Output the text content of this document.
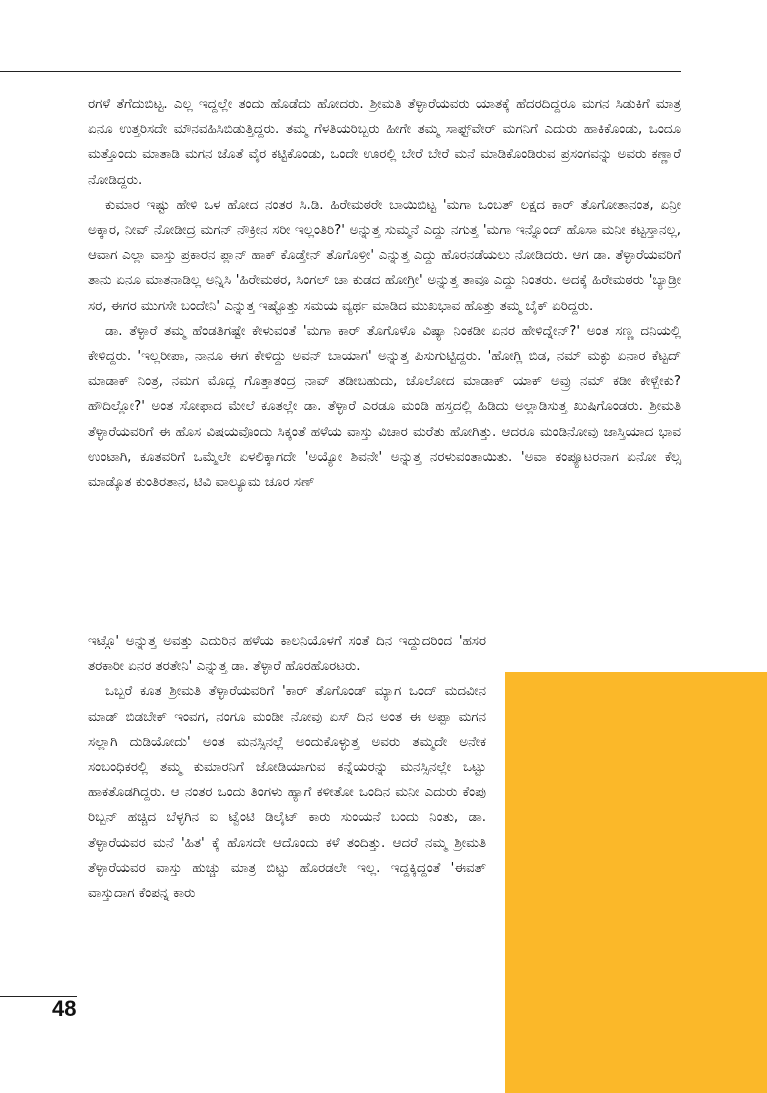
ರಗಳೆ ತೆಗೆದುಬಿಟ್ಟ. ಎಲ್ಲ ಇದ್ದಲ್ಲೇ ತಂದು ಹೊಡೆದು ಹೋದರು. ಶ್ರೀಮತಿ ತೆಳ್ಳಾರೆಯವರು ಯಾತಕ್ಕೆ ಹೆದರದಿದ್ದರೂ ಮಗನ ಸಿಡುಕಿಗೆ ಮಾತ್ರ ಏನೂ ಉತ್ತರಿಸದೇ ಮೌನವಹಿಸಿಬಿಡುತ್ತಿದ್ದರು. ತಮ್ಮ ಗೆಳತಿಯರಿಬ್ಬರು ಹೀಗೇ ತಮ್ಮ ಸಾಫ್ಟ್‌ವೇರ್ ಮಗನಿಗೆ ಎದುರು ಹಾಕಿಕೊಂಡು, ಒಂದೂ ಮತ್ತೊಂದು ಮಾತಾಡಿ ಮಗನ ಜೊತೆ ವೈರ ಕಟ್ಟಿಕೊಂಡು, ಒಂದೇ ಊರಲ್ಲಿ ಬೇರೆ ಬೇರೆ ಮನೆ ಮಾಡಿಕೊಂಡಿರುವ ಪ್ರಸಂಗವನ್ನು ಅವರು ಕಣ್ಣಾರೆ ನೋಡಿದ್ದರು.

ಕುಮಾರ ಇಷ್ಟು ಹೇಳಿ ಒಳ ಹೋದ ನಂತರ ಸಿ.ಡಿ. ಹಿರೇಮಠರೇ ಬಾಯಿಬಿಟ್ಟ 'ಮಗಾ ಒಂಬತ್ ಲಕ್ಷದ ಕಾರ್ ತೊಗೋತಾನಂತ, ಏನ್ರೀ ಅಕ್ಕಾರ, ನೀವ್ ನೋಡೀದ್ರ ಮಗನ್ ನೌಕ್ರೀನ ಸರೀ ಇಲ್ಲಂತಿರಿ?' ಅನ್ನುತ್ತ ಸುಮ್ಮನೆ ಎದ್ದು ನಗುತ್ತ 'ಮಗಾ ಇನ್ನೊಂದ್ ಹೊಸಾ ಮನೀ ಕಟ್ಟಸ್ತಾನಲ್ಲ, ಆವಾಗ ಎಲ್ಲಾ ವಾಸ್ತು ಪ್ರಕಾರನ ಪ್ಲಾನ್ ಹಾಕ್ ಕೊಡ್ತೇನ್ ತೊಗೊಳ್ರೀ' ಎನ್ನುತ್ತ ಎದ್ದು ಹೊರನಡೆಯಲು ನೋಡಿದರು. ಆಗ ಡಾ. ತೆಳ್ಳಾರೆಯವರಿಗೆ ತಾನು ಏನೂ ಮಾತನಾಡಿಲ್ಲ ಅನ್ನಿಸಿ 'ಹಿರೇಮಠರ, ಸಿಂಗಲ್ ಚಾ ಕುಡದ ಹೋಗ್ರೀ' ಅನ್ನುತ್ತ ತಾವೂ ಎದ್ದು ನಿಂತರು. ಅದಕ್ಕೆ ಹಿರೇಮಠರು 'ಬ್ಯಾಡ್ರೀ ಸರ, ಈಗರ ಮುಗಸೇ ಬಂದೇನಿ' ಎನ್ನುತ್ತ ಇಷ್ಟೊತ್ತು ಸಮಯ ವ್ಯರ್ಥ ಮಾಡಿದ ಮುಖಭಾವ ಹೊತ್ತು ತಮ್ಮ ಬೈಕ್ ಏರಿದ್ದರು.

ಡಾ. ತೆಳ್ಳಾರೆ ತಮ್ಮ ಹೆಂಡತಿಗಷ್ಟೇ ಕೇಳುವಂತೆ 'ಮಗಾ ಕಾರ್ ತೊಗೊಳೊ ವಿಷ್ಯಾ ನಿಂಕಡೀ ಏನರ ಹೇಳಿದ್ನೇನ್?' ಅಂತ ಸಣ್ಣ ದನಿಯಲ್ಲಿ ಕೇಳಿದ್ದರು. 'ಇಲ್ಲರೀಪಾ, ನಾನೂ ಈಗ ಕೇಳಿದ್ದು ಅವನ್ ಬಾಯಾಗ' ಅನ್ನುತ್ತ ಪಿಸುಗುಟ್ಟಿದ್ದರು. 'ಹೋಗ್ಲಿ ಬಿಡ, ನಮ್ ಮಕ್ಳು ಏನಾರ ಕೆಟ್ಟದ್ ಮಾಡಾಕ್ ನಿಂತ್ರ, ನಮಗ ಮೊದ್ಲ ಗೊತ್ತಾತಂದ್ರ ನಾವ್ ತಡೀಬಹುದು, ಚೊಲೋದ ಮಾಡಾಕ್ ಯಾಕ್ ಅವ್ರು ನಮ್ ಕಡೀ ಕೇಳ್ಬೇಕು? ಹೌದಿಲ್ಲೋ?' ಅಂತ ಸೋಫಾದ ಮೇಲೆ ಕೂತಲ್ಲೇ ಡಾ. ತೆಳ್ಳಾರೆ ಎರಡೂ ಮಂಡಿ ಹಸ್ತದಲ್ಲಿ ಹಿಡಿದು ಅಲ್ಲಾಡಿಸುತ್ತ ಖುಷಿಗೊಂಡರು. ಶ್ರೀಮತಿ ತೆಳ್ಳಾರೆಯವರಿಗೆ ಈ ಹೊಸ ವಿಷಯವೊಂದು ಸಿಕ್ಕಂತೆ ಹಳೆಯ ವಾಸ್ತು ವಿಚಾರ ಮರೆತು ಹೋಗಿತ್ತು. ಆದರೂ ಮಂಡಿನೋವು ಜಾಸ್ತಿಯಾದ ಭಾವ ಉಂಟಾಗಿ, ಕೂತವರಿಗೆ ಒಮ್ಮೆಲೇ ಏಳಲಿಕ್ಕಾಗದೇ 'ಅಯ್ಯೋ ಶಿವನೇ' ಅನ್ನುತ್ತ ನರಳುವಂತಾಯಿತು. 'ಅವಾ ಕಂಪ್ಯೂಟರನಾಗ ಏನೋ ಕೆಲ್ಸ ಮಾಡ್ಕೊತ ಕುಂತಿರತಾನ, ಟಿವಿ ವಾಲ್ಯೂಮ ಚೂರ ಸಣ್

ಇಟ್ಗೊ' ಅನ್ನುತ್ತ ಅವತ್ತು ಎದುರಿನ ಹಳೆಯ ಕಾಲನಿಯೊಳಗೆ ಸಂತೆ ದಿನ ಇದ್ದುದರಿಂದ 'ಹಸರ ತರಕಾರೀ ಏನರ ತರತೇನಿ' ಎನ್ನುತ್ತ ಡಾ. ತೆಳ್ಳಾರೆ ಹೊರಹೊರಟರು.

ಒಬ್ಬರೆ ಕೂತ ಶ್ರೀಮತಿ ತೆಳ್ಳಾರೆಯವರಿಗೆ 'ಕಾರ್ ತೊಗೊಂಡ್ ಮ್ಯಾಗ ಒಂದ್ ಮದವೀನ ಮಾಡ್ ಬಿಡಬೇಕ್ ಇಂವಗ, ನಂಗೂ ಮಂಡೀ ನೋವು ಏಸ್ ದಿನ ಅಂತ ಈ ಅಪ್ಪಾ ಮಗನ ಸಲ್ಲಾಗಿ ದುಡಿಯೋದು' ಅಂತ ಮನಸ್ಸಿನಲ್ಲೆ ಅಂದುಕೊಳ್ಳುತ್ತ ಅವರು ತಮ್ಮದೇ ಅನೇಕ ಸಂಬಂಧಿಕರಲ್ಲಿ ತಮ್ಮ ಕುಮಾರನಿಗೆ ಜೋಡಿಯಾಗುವ ಕನ್ನೆಯರನ್ನು ಮನಸ್ಸಿನಲ್ಲೇ ಒಟ್ಟು ಹಾಕತೊಡಗಿದ್ದರು. ಆ ನಂತರ ಒಂದು ತಿಂಗಳು ಹ್ಯಾಗೆ ಕಳೀತೋ ಒಂದಿನ ಮನೀ ಎದುರು ಕೆಂಪು ರಿಬ್ಬನ್ ಹಚ್ಚಿದ ಬೆಳ್ಳಗಿನ ಐ ಟ್ವೆಂಟಿ ಡಿಲೈಟ್ ಕಾರು ಸುಂಯನೆ ಬಂದು ನಿಂತು, ಡಾ. ತೆಳ್ಳಾರೆಯವರ ಮನೆ 'ಹಿತ' ಕ್ಕೆ ಹೊಸದೇ ಆದೊಂದು ಕಳೆ ತಂದಿತ್ತು. ಆದರೆ ನಮ್ಮ ಶ್ರೀಮತಿ ತೆಳ್ಳಾರೆಯವರ ವಾಸ್ತು ಹುಚ್ಚು ಮಾತ್ರ ಬಿಟ್ಟು ಹೊರಡಲೇ ಇಲ್ಲ. ಇದ್ದಕ್ಕಿದ್ದಂತೆ 'ಈವತ್ ವಾಸ್ತುದಾಗ ಕೆಂಪನ್ನ ಕಾರು

48
